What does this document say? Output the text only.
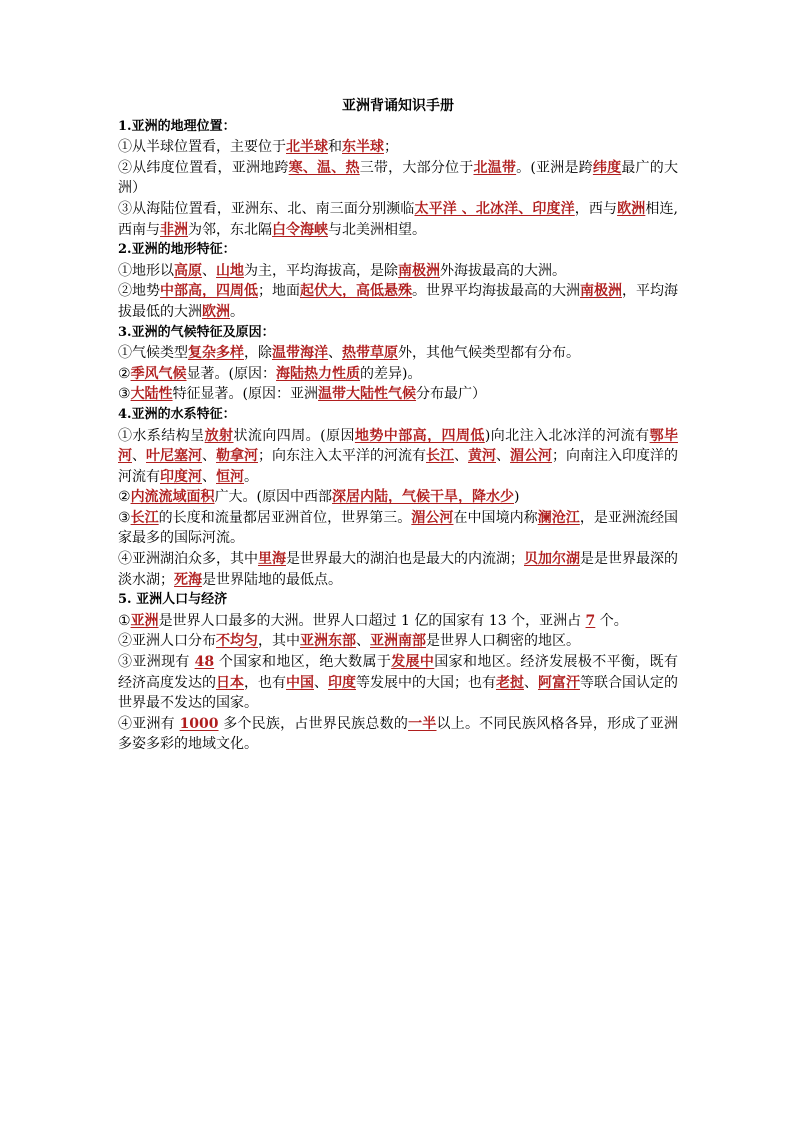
亚洲背诵知识手册
1.亚洲的地理位置：

①从半球位置看，主要位于北半球和东半球；

②从纬度位置看，亚洲地跨寒、温、热三带，大部分位于北温带。(亚洲是跨纬度最广的大洲）

③从海陆位置看，亚洲东、北、南三面分别濒临太平洋 、北冰洋、印度洋，西与欧洲相连,西南与非洲为邻，东北隔白令海峡与北美洲相望。

2.亚洲的地形特征：

①地形以高原、山地为主，平均海拔高，是除南极洲外海拔最高的大洲。

②地势中部高，四周低；地面起伏大，高低悬殊。世界平均海拔最高的大洲南极洲，平均海拔最低的大洲欧洲。

3.亚洲的气候特征及原因：

①气候类型复杂多样，除温带海洋、热带草原外，其他气候类型都有分布。

②季风气候显著。(原因：海陆热力性质的差异)。

③大陆性特征显著。(原因：亚洲温带大陆性气候分布最广）

4.亚洲的水系特征：

①水系结构呈放射状流向四周。(原因地势中部高，四周低)向北注入北冰洋的河流有鄂毕河、叶尼塞河、勒拿河；向东注入太平洋的河流有长江、黄河、湄公河；向南注入印度洋的河流有印度河、恒河。

②内流流域面积广大。(原因中西部深居内陆，气候干旱，降水少)

③长江的长度和流量都居亚洲首位，世界第三。湄公河在中国境内称澜沧江，是亚洲流经国家最多的国际河流。

④亚洲湖泊众多，其中里海是世界最大的湖泊也是最大的内流湖；贝加尔湖是是世界最深的淡水湖；死海是世界陆地的最低点。

5. 亚洲人口与经济

①亚洲是世界人口最多的大洲。世界人口超过 1 亿的国家有 13 个，亚洲占 7 个。

②亚洲人口分布不均匀，其中亚洲东部、亚洲南部是世界人口稠密的地区。

③亚洲现有 48 个国家和地区，绝大数属于发展中国家和地区。经济发展极不平衡，既有经济高度发达的日本，也有中国、印度等发展中的大国；也有老挝、阿富汗等联合国认定的世界最不发达的国家。

④亚洲有 1000 多个民族，占世界民族总数的一半以上。不同民族风格各异，形成了亚洲多姿多彩的地域文化。
